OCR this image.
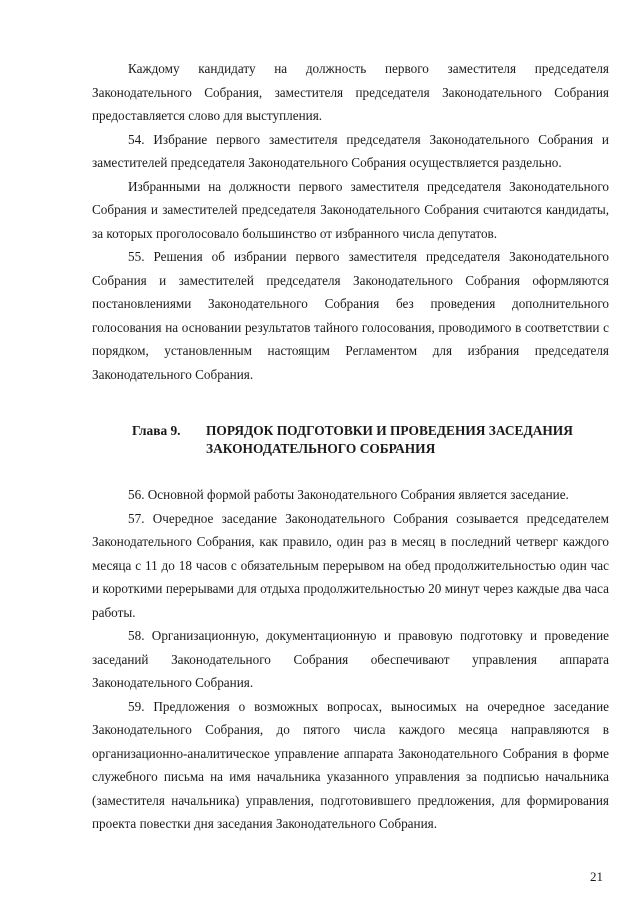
Каждому кандидату на должность первого заместителя председателя Законодательного Собрания, заместителя председателя Законодательного Собрания предоставляется слово для выступления.

54. Избрание первого заместителя председателя Законодательного Собрания и заместителей председателя Законодательного Собрания осуществляется раздельно.

Избранными на должности первого заместителя председателя Законодательного Собрания и заместителей председателя Законодательного Собрания считаются кандидаты, за которых проголосовало большинство от избранного числа депутатов.

55. Решения об избрании первого заместителя председателя Законодательного Собрания и заместителей председателя Законодательного Собрания оформляются постановлениями Законодательного Собрания без проведения дополнительного голосования на основании результатов тайного голосования, проводимого в соответствии с порядком, установленным настоящим Регламентом для избрания председателя Законодательного Собрания.

Глава 9. ПОРЯДОК ПОДГОТОВКИ И ПРОВЕДЕНИЯ ЗАСЕДАНИЯ ЗАКОНОДАТЕЛЬНОГО СОБРАНИЯ

56. Основной формой работы Законодательного Собрания является заседание.

57. Очередное заседание Законодательного Собрания созывается председателем Законодательного Собрания, как правило, один раз в месяц в последний четверг каждого месяца с 11 до 18 часов с обязательным перерывом на обед продолжительностью один час и короткими перерывами для отдыха продолжительностью 20 минут через каждые два часа работы.

58. Организационную, документационную и правовую подготовку и проведение заседаний Законодательного Собрания обеспечивают управления аппарата Законодательного Собрания.

59. Предложения о возможных вопросах, выносимых на очередное заседание Законодательного Собрания, до пятого числа каждого месяца направляются в организационно-аналитическое управление аппарата Законодательного Собрания в форме служебного письма на имя начальника указанного управления за подписью начальника (заместителя начальника) управления, подготовившего предложения, для формирования проекта повестки дня заседания Законодательного Собрания.

21
